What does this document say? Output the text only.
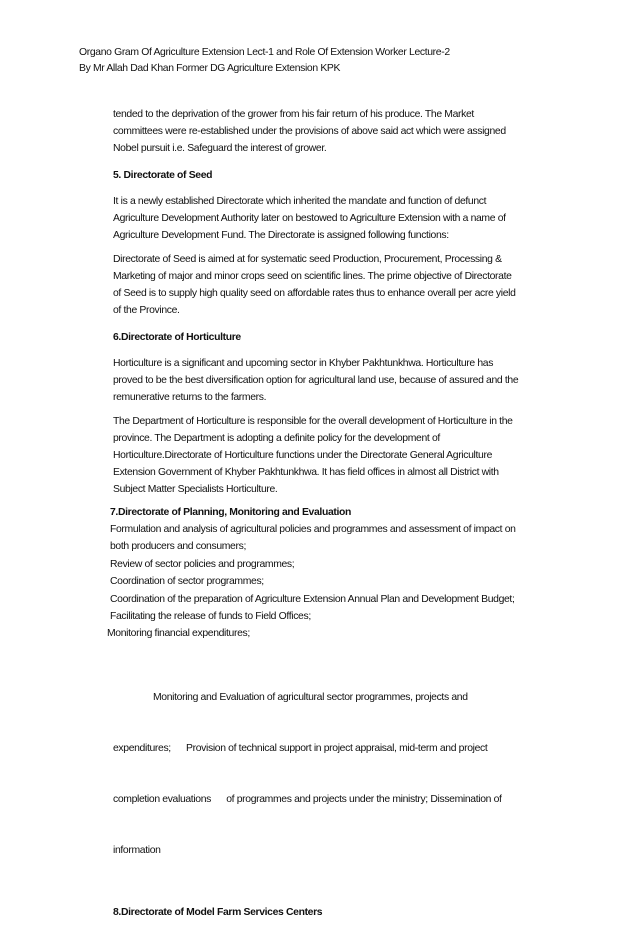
Organo Gram Of Agriculture Extension Lect-1 and Role Of Extension Worker Lecture-2
By Mr Allah Dad Khan Former DG Agriculture Extension KPK
tended to the deprivation of the grower from his fair return of his produce. The Market
committees were re-established under the provisions of above said act which were assigned
Nobel pursuit i.e. Safeguard the interest of grower.
5. Directorate of Seed
It is a newly established Directorate which inherited the mandate and function of defunct
Agriculture Development Authority later on bestowed to Agriculture Extension with a name of
Agriculture Development Fund. The Directorate is assigned following functions:
Directorate of Seed is aimed at for systematic seed Production, Procurement, Processing &
Marketing of major and minor crops seed on scientific lines. The prime objective of Directorate
of Seed is to supply high quality seed on affordable rates thus to enhance overall per acre yield
of the Province.
6.Directorate of Horticulture
Horticulture is a significant and upcoming sector in Khyber Pakhtunkhwa. Horticulture has
proved to be the best diversification option for agricultural land use, because of assured and the
remunerative returns to the farmers.
The Department of Horticulture is responsible for the overall development of Horticulture in the
province. The Department is adopting a definite policy for the development of
Horticulture.Directorate of Horticulture functions under the Directorate General Agriculture
Extension Government of Khyber Pakhtunkhwa. It has field offices in almost all District with
Subject Matter Specialists Horticulture.
7.Directorate of Planning, Monitoring and Evaluation
Formulation and analysis of agricultural policies and programmes and assessment of impact on
both producers and consumers;
Review of sector policies and programmes;
Coordination of sector programmes;
Coordination of the preparation of Agriculture Extension Annual Plan and Development Budget;
Facilitating the release of funds to Field Offices;
Monitoring financial expenditures;

Monitoring and Evaluation of agricultural sector programmes, projects and

expenditures;      Provision of technical support in project appraisal, mid-term and project

completion evaluations      of programmes and projects under the ministry; Dissemination of

information

8.Directorate of Model Farm Services Centers
